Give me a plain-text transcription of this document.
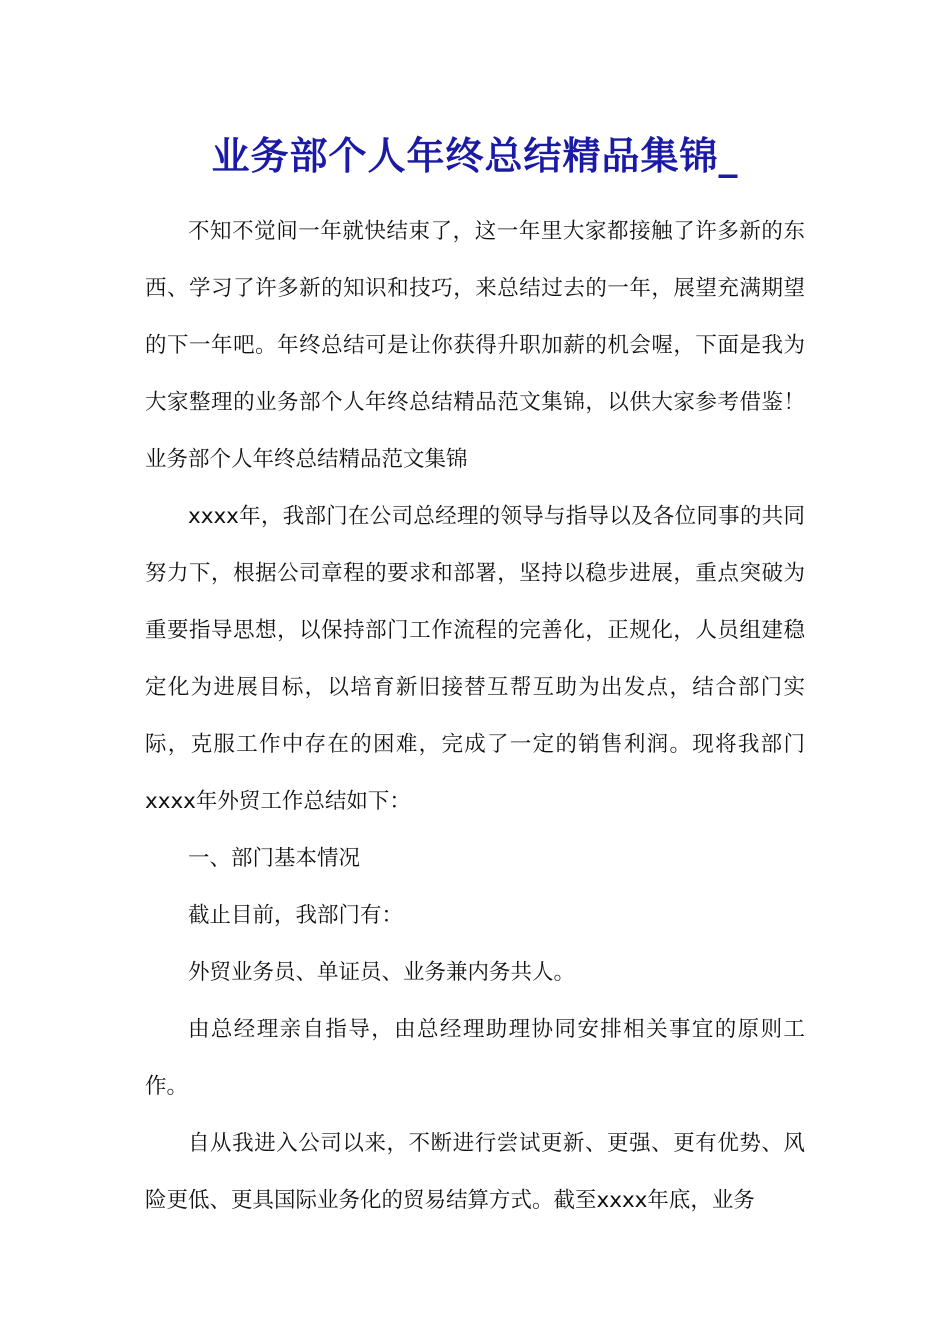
业务部个人年终总结精品集锦_

不知不觉间一年就快结束了，这一年里大家都接触了许多新的东西、学习了许多新的知识和技巧，来总结过去的一年，展望充满期望的下一年吧。年终总结可是让你获得升职加薪的机会喔，下面是我为大家整理的业务部个人年终总结精品范文集锦，以供大家参考借鉴！业务部个人年终总结精品范文集锦

xxxx年，我部门在公司总经理的领导与指导以及各位同事的共同努力下，根据公司章程的要求和部署，坚持以稳步进展，重点突破为重要指导思想，以保持部门工作流程的完善化，正规化，人员组建稳定化为进展目标，以培育新旧接替互帮互助为出发点，结合部门实际，克服工作中存在的困难，完成了一定的销售利润。现将我部门xxxx年外贸工作总结如下：

一、部门基本情况

截止目前，我部门有：

外贸业务员、单证员、业务兼内务共人。

由总经理亲自指导，由总经理助理协同安排相关事宜的原则工作。

自从我进入公司以来，不断进行尝试更新、更强、更有优势、风险更低、更具国际业务化的贸易结算方式。截至xxxx年底，业务
